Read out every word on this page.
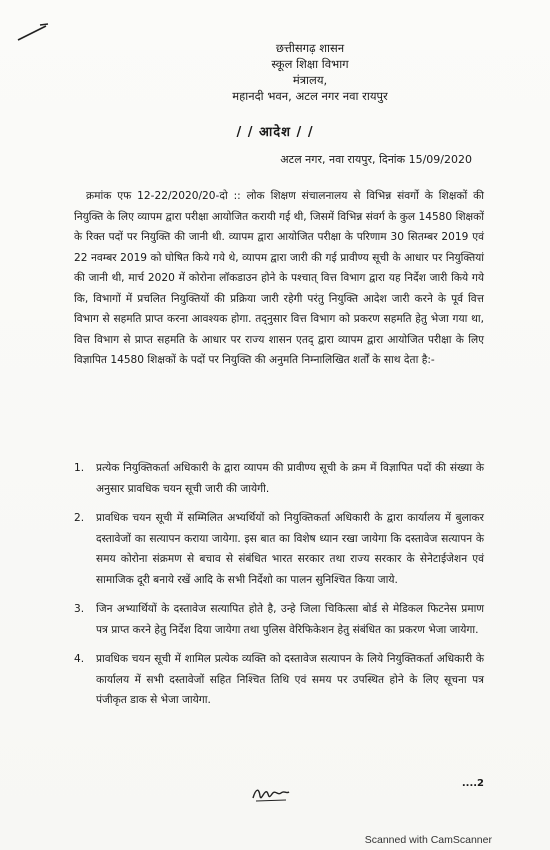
छत्तीसगढ़ शासन
स्कूल शिक्षा विभाग
मंत्रालय,
महानदी भवन, अटल नगर नवा रायपुर
/ / आदेश / /
अटल नगर, नवा रायपुर, दिनांक 15/09/2020

क्रमांक एफ 12-22/2020/20-दो :: लोक शिक्षण संचालनालय से विभिन्न संवर्गो के शिक्षकों की नियुक्ति के लिए व्यापम द्वारा परीक्षा आयोजित करायी गई थी, जिसमें विभिन्न संवर्ग के कुल 14580 शिक्षकों के रिक्त पदों पर नियुक्ति की जानी थी. व्यापम द्वारा आयोजित परीक्षा के परिणाम 30 सितम्बर 2019 एवं 22 नवम्बर 2019 को घोषित किये गये थे, व्यापम द्वारा जारी की गई प्रावीण्य सूची के आधार पर नियुक्तियां की जानी थी, मार्च 2020 में कोरोना लॉकडाउन होने के पश्चात् वित्त विभाग द्वारा यह निर्देश जारी किये गये कि, विभागों में प्रचलित नियुक्तियों की प्रक्रिया जारी रहेगी परंतु नियुक्ति आदेश जारी करने के पूर्व वित्त विभाग से सहमति प्राप्त करना आवश्यक होगा. तद्नुसार वित्त विभाग को प्रकरण सहमति हेतु भेजा गया था, वित्त विभाग से प्राप्त सहमति के आधार पर राज्य शासन एतद् द्वारा व्यापम द्वारा आयोजित परीक्षा के लिए विज्ञापित 14580 शिक्षकों के पदों पर नियुक्ति की अनुमति निम्नालिखित शर्तों के साथ देता है:-

1.	प्रत्येक नियुक्तिकर्ता अधिकारी के द्वारा व्यापम की प्रावीण्य सूची के क्रम में विज्ञापित पदों की संख्या के अनुसार प्रावधिक चयन सूची जारी की जायेगी.
2.	प्रावधिक चयन सूची में सम्मिलित अभ्यर्थियों को नियुक्तिकर्ता अधिकारी के द्वारा कार्यालय में बुलाकर दस्तावेजों का सत्यापन कराया जायेगा. इस बात का विशेष ध्यान रखा जायेगा कि दस्तावेज सत्यापन के समय कोरोना संक्रमण से बचाव से संबंधित भारत सरकार तथा राज्य सरकार के सेनेटाईजेशन एवं सामाजिक दूरी बनाये रखें आदि के सभी निर्देशो का पालन सुनिश्चित किया जाये.
3.	जिन अभ्यार्थियों के दस्तावेज सत्यापित होते है, उन्हे जिला चिकित्सा बोर्ड से मेडिकल फिटनेस प्रमाण पत्र प्राप्त करने हेतु निर्देश दिया जायेगा तथा पुलिस वेरिफिकेशन हेतु संबंधित का प्रकरण भेजा जायेगा.
4.	प्रावधिक चयन सूची में शामिल प्रत्येक व्यक्ति को दस्तावेज सत्यापन के लिये नियुक्तिकर्ता अधिकारी के कार्यालय में सभी दस्तावेजों सहित निश्चित तिथि एवं समय पर उपस्थित होने के लिए सूचना पत्र पंजीकृत डाक से भेजा जायेगा.
....2
Scanned with CamScanner
